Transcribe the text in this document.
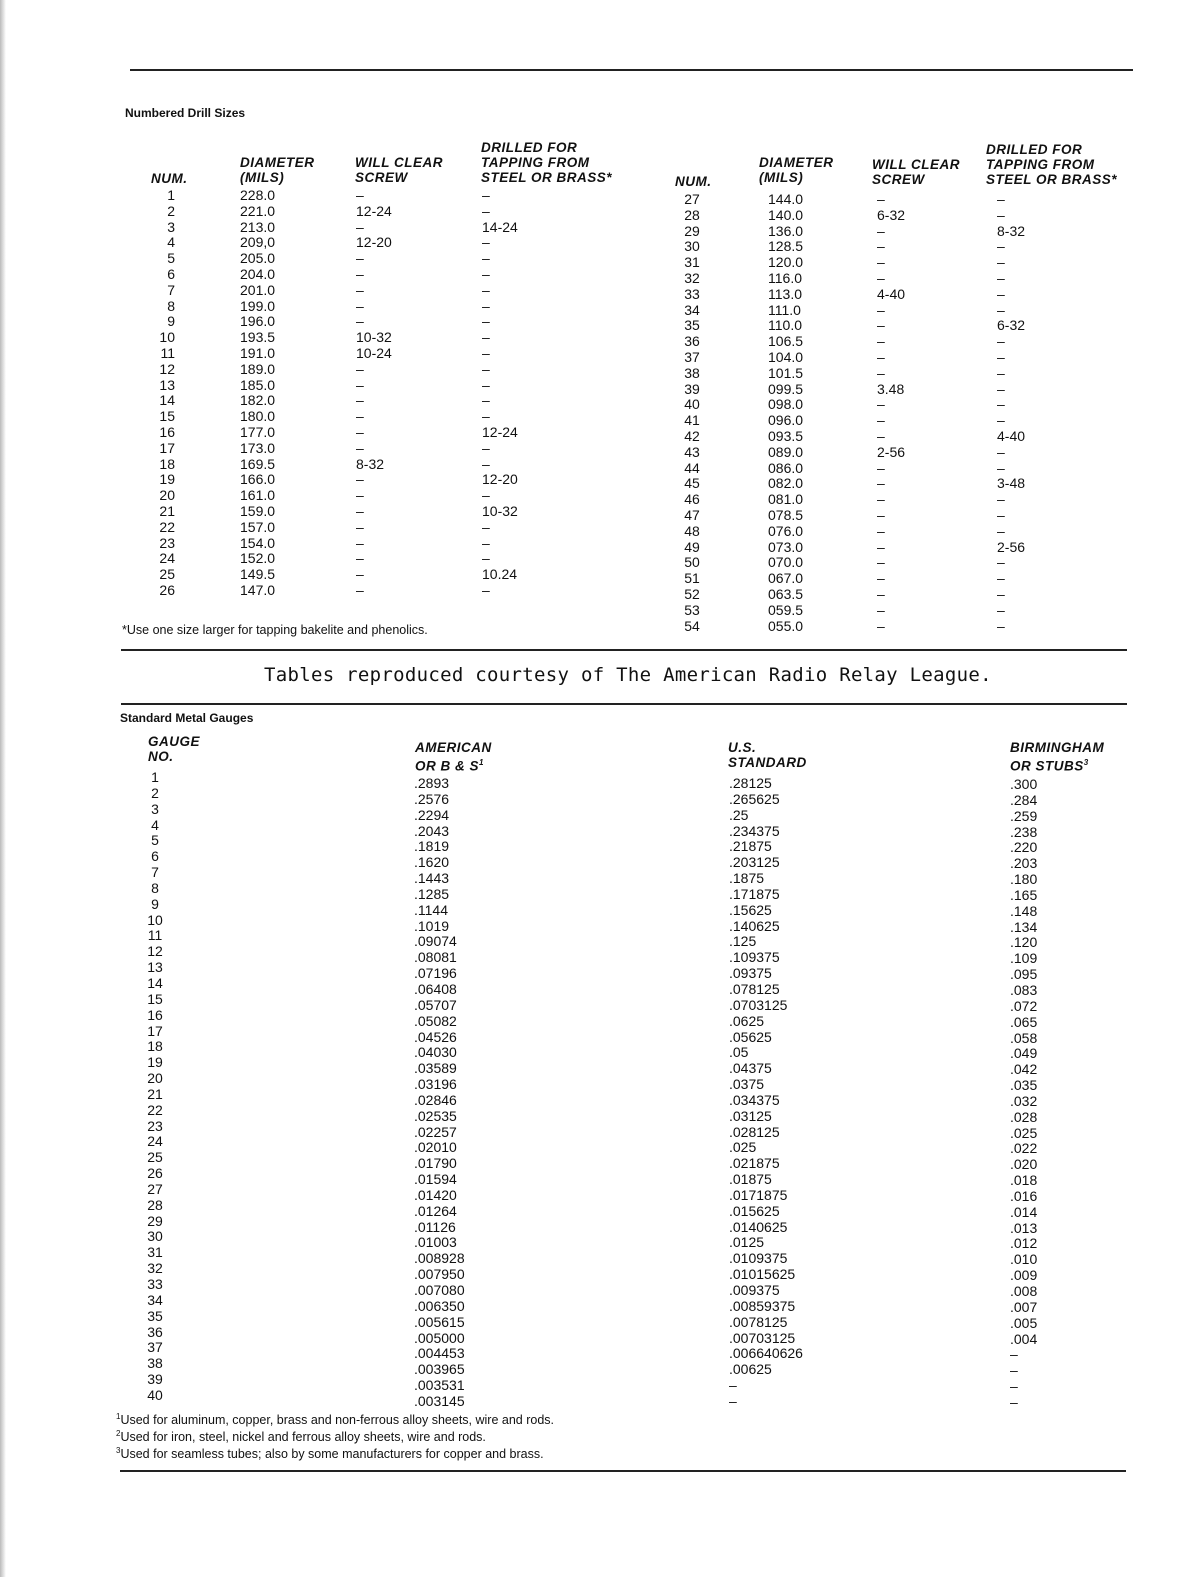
Numbered Drill Sizes
NUM.
DIAMETER
(MILS)
WILL CLEAR
SCREW
DRILLED FOR
TAPPING FROM
STEEL OR BRASS*	NUM.
DIAMETER
(MILS)
WILL CLEAR
SCREW
DRILLED FOR
TAPPING FROM
STEEL OR BRASS*
1
2
3
4
5
6
7
8
9
10
11
12
13
14
15
16
17
18
19
20
21
22
23
24
25
26
228.0
221.0
213.0
209,0
205.0
204.0
201.0
199.0
196.0
193.5
191.0
189.0
185.0
182.0
180.0
177.0
173.0
169.5
166.0
161.0
159.0
157.0
154.0
152.0
149.5
147.0
–
12-24
–
12-20
–
–
–
–
–
10-32
10-24
–
–
–
–
–
–
8-32
–
–
–
–
–
–
–
–
–
–
14-24
–
–
–
–
–
–
–
–
–
–
–
–
12-24
–
–
12-20
–
10-32
–
–
–
10.24
–
27
28
29
30
31
32
33
34
35
36
37
38
39
40
41
42
43
44
45
46
47
48
49
50
51
52
53
54
144.0
140.0
136.0
128.5
120.0
116.0
113.0
111.0
110.0
106.5
104.0
101.5
099.5
098.0
096.0
093.5
089.0
086.0
082.0
081.0
078.5
076.0
073.0
070.0
067.0
063.5
059.5
055.0
–
6-32
–
–
–
–
4-40
–
–
–
–
–
3.48
–
–
–
2-56
–
–
–
–
–
–
–
–
–
–
–
–
–
8-32
–
–
–
–
–
6-32
–
–
–
–
–
–
4-40
–
–
3-48
–
–
–
2-56
–
–
–
–
–
*Use one size larger for tapping bakelite and phenolics.
Tables reproduced courtesy of The American Radio Relay League.
Standard Metal Gauges
GAUGE
NO.
AMERICAN
OR B & $S^1$
U.S.
STANDARD
BIRMINGHAM
OR STUBS$^3$
1
2
3
4
5
6
7
8
9
10
11
12
13
14
15
16
17
18
19
20
21
22
23
24
25
26
27
28
29
30
31
32
33
34
35
36
37
38
39
40
.2893
.2576
.2294
.2043
.1819
.1620
.1443
.1285
.1144
.1019
.09074
.08081
.07196
.06408
.05707
.05082
.04526
.04030
.03589
.03196
.02846
.02535
.02257
.02010
.01790
.01594
.01420
.01264
.01126
.01003
.008928
.007950
.007080
.006350
.005615
.005000
.004453
.003965
.003531
.003145
.28125
.265625
.25
.234375
.21875
.203125
.1875
.171875
.15625
.140625
.125
.109375
.09375
.078125
.0703125
.0625
.05625
.05
.04375
.0375
.034375
.03125
.028125
.025
.021875
.01875
.0171875
.015625
.0140625
.0125
.0109375
.01015625
.009375
.00859375
.0078125
.00703125
.006640626
.00625
–
–
.300
.284
.259
.238
.220
.203
.180
.165
.148
.134
.120
.109
.095
.083
.072
.065
.058
.049
.042
.035
.032
.028
.025
.022
.020
.018
.016
.014
.013
.012
.010
.009
.008
.007
.005
.004
–
–
–
–
$^1$Used for aluminum, copper, brass and non-ferrous alloy sheets, wire and rods.
$^2$Used for iron, steel, nickel and ferrous alloy sheets, wire and rods.
$^3$Used for seamless tubes; also by some manufacturers for copper and brass.
